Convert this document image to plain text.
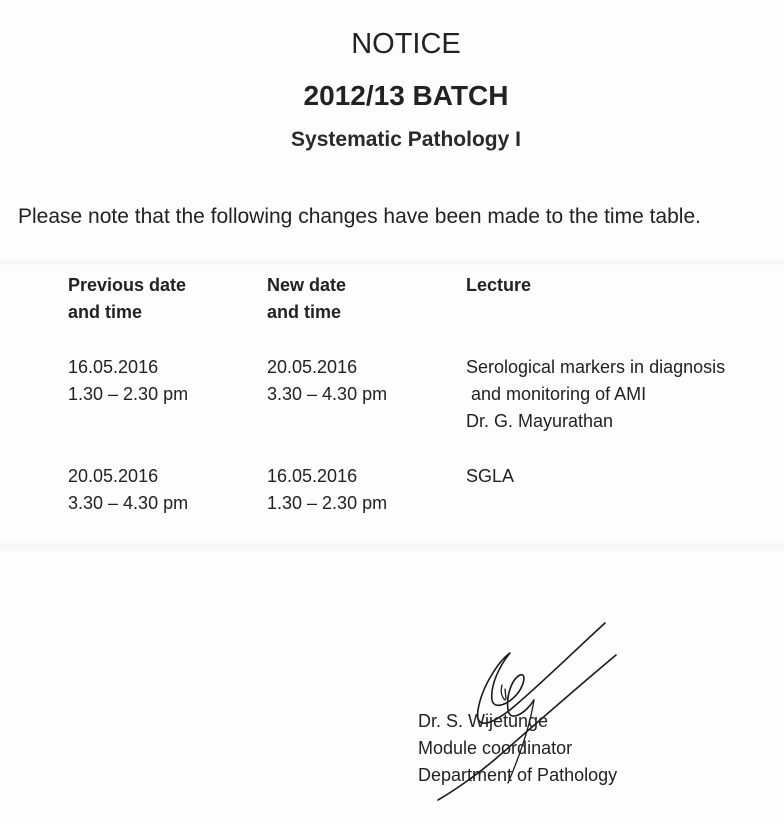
NOTICE
2012/13 BATCH
Systematic Pathology I
Please note that the following changes have been made to the time table.
Previous date
and time
New date
and time
Lecture
16.05.2016
1.30 – 2.30 pm
20.05.2016
3.30 – 4.30 pm
Serological markers in diagnosis
and monitoring of AMI
Dr. G. Mayurathan
20.05.2016
3.30 – 4.30 pm
16.05.2016
1.30 – 2.30 pm
SGLA
Dr. S. Wijetunge
Module coordinator
Department of Pathology
